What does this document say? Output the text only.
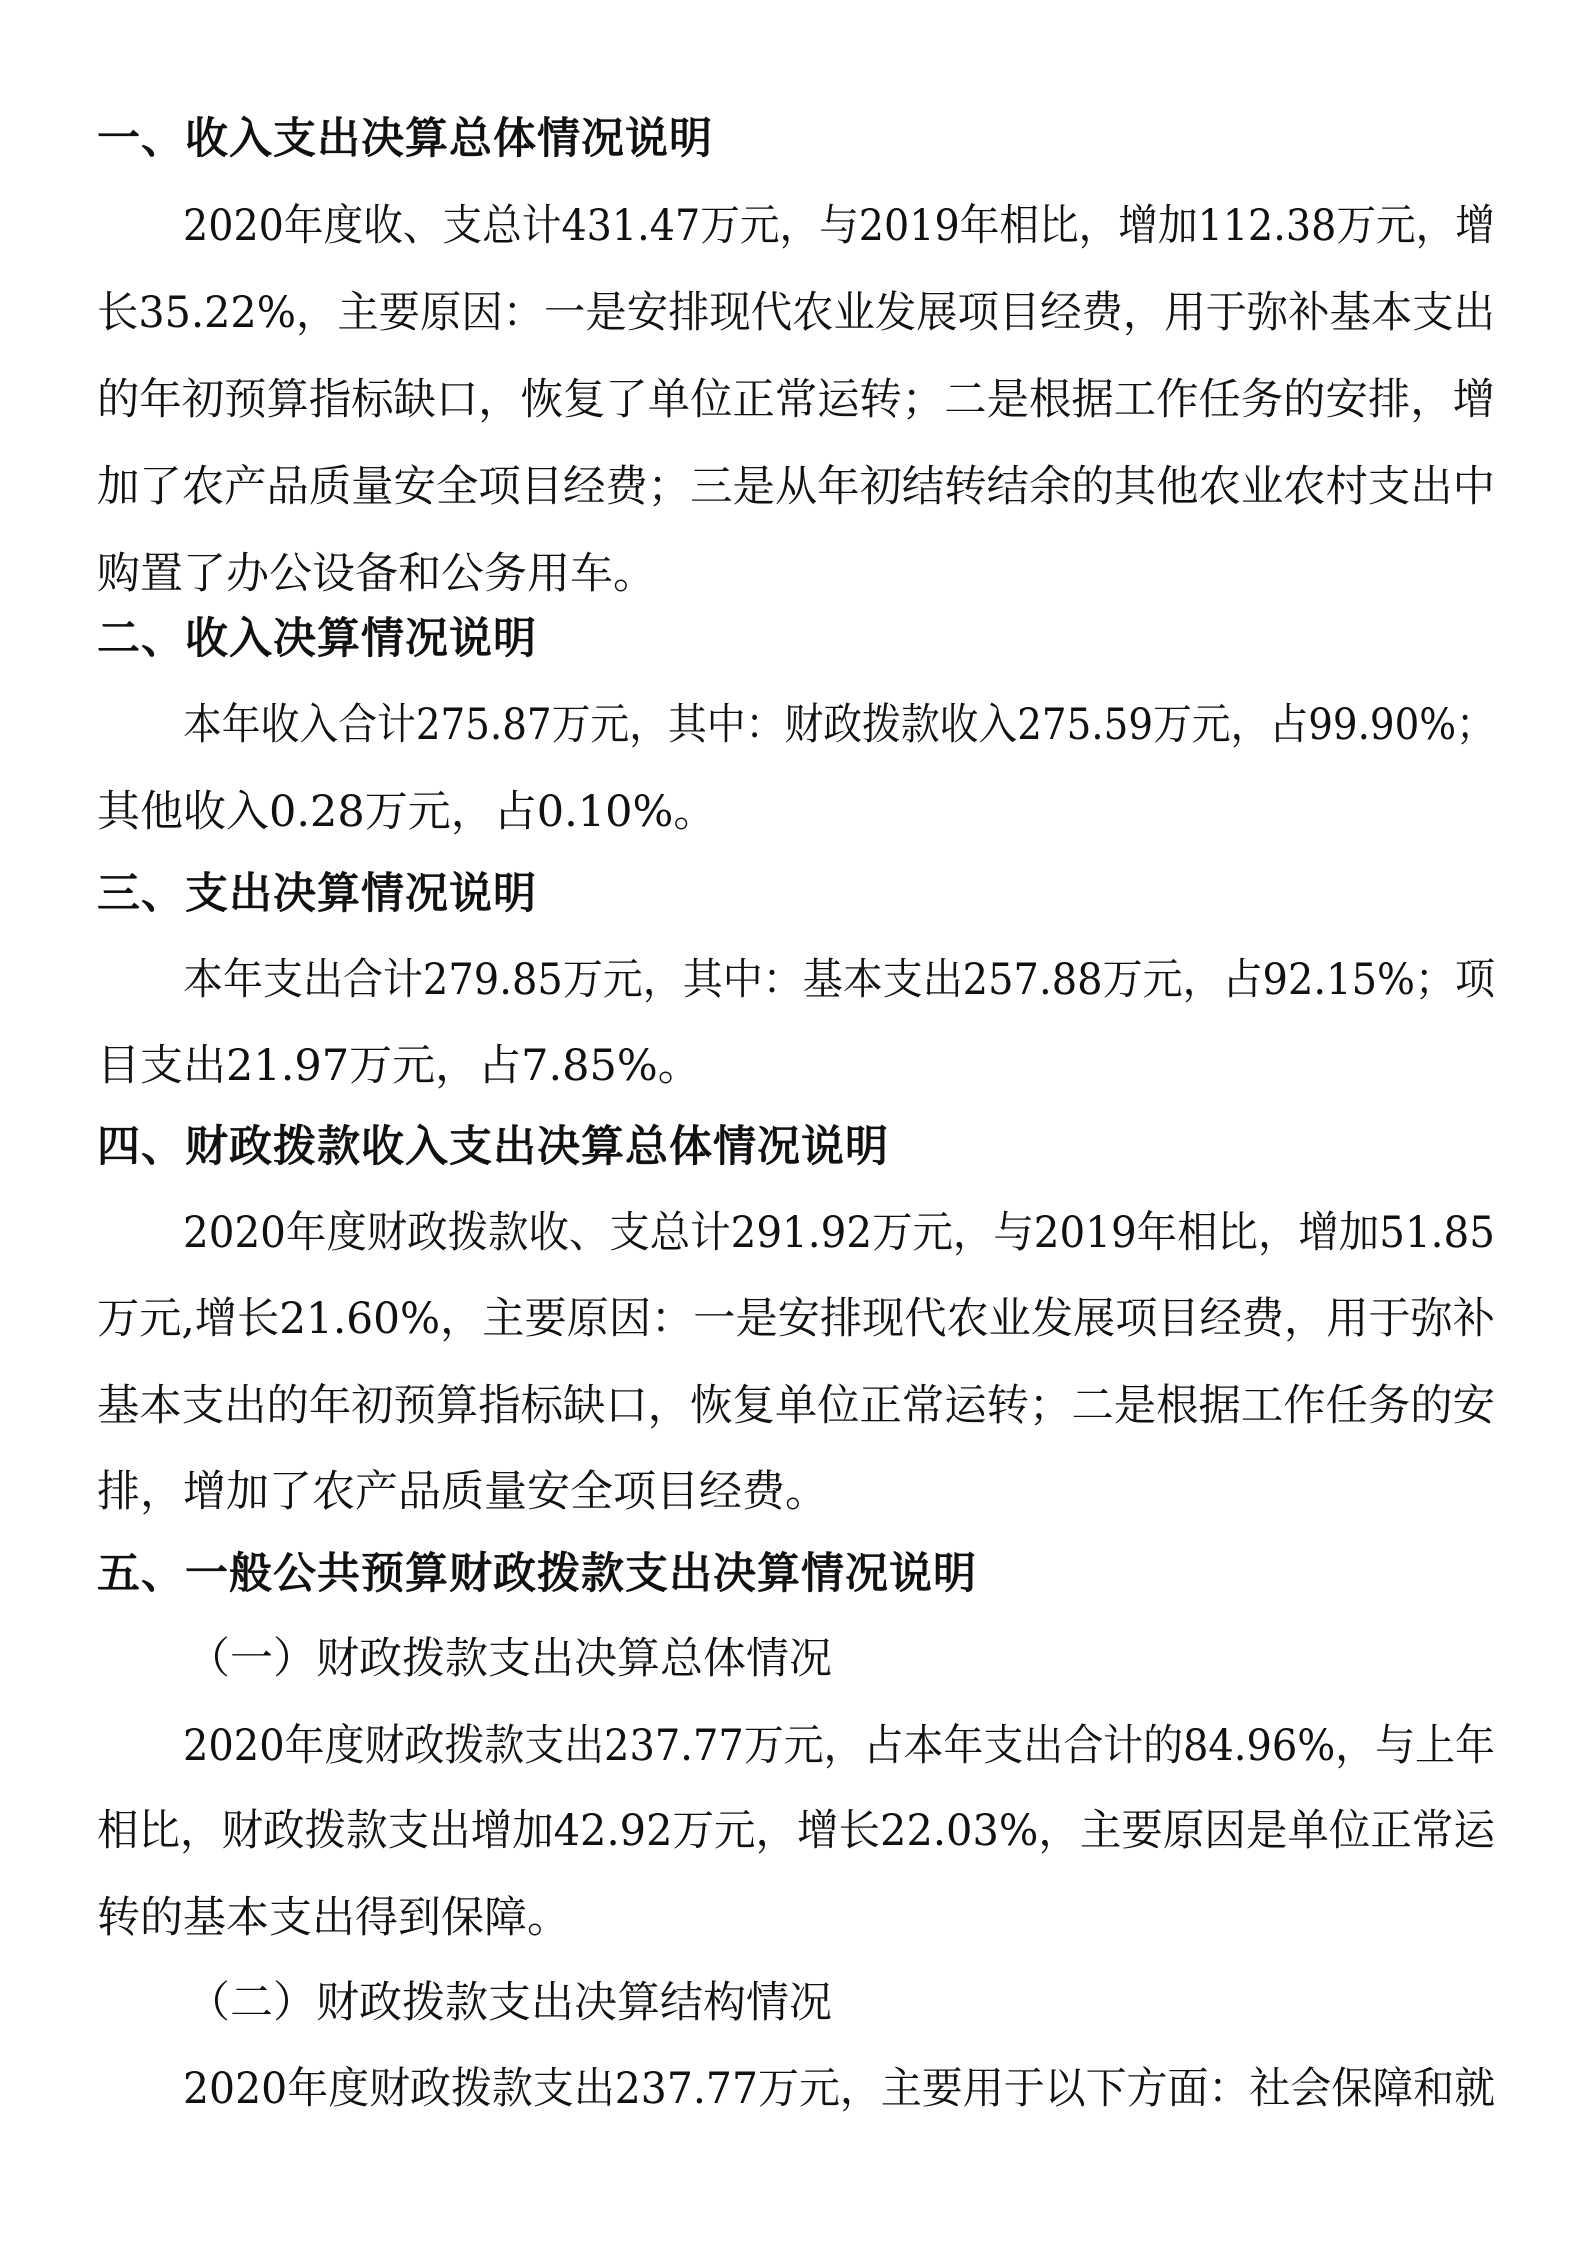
一、收入支出决算总体情况说明
2020年度收、支总计431.47万元，与2019年相比，增加112.38万元，增
长35.22%，主要原因：一是安排现代农业发展项目经费，用于弥补基本支出
的年初预算指标缺口，恢复了单位正常运转；二是根据工作任务的安排，增
加了农产品质量安全项目经费；三是从年初结转结余的其他农业农村支出中
购置了办公设备和公务用车。
二、收入决算情况说明
本年收入合计275.87万元，其中：财政拨款收入275.59万元，占99.90%；
其他收入0.28万元，占0.10%。
三、支出决算情况说明
本年支出合计279.85万元，其中：基本支出257.88万元，占92.15%；项
目支出21.97万元，占7.85%。
四、财政拨款收入支出决算总体情况说明
2020年度财政拨款收、支总计291.92万元，与2019年相比，增加51.85
万元,增长21.60%，主要原因：一是安排现代农业发展项目经费，用于弥补
基本支出的年初预算指标缺口，恢复单位正常运转；二是根据工作任务的安
排，增加了农产品质量安全项目经费。
五、一般公共预算财政拨款支出决算情况说明
（一）财政拨款支出决算总体情况
2020年度财政拨款支出237.77万元，占本年支出合计的84.96%，与上年
相比，财政拨款支出增加42.92万元，增长22.03%，主要原因是单位正常运
转的基本支出得到保障。
（二）财政拨款支出决算结构情况
2020年度财政拨款支出237.77万元，主要用于以下方面：社会保障和就
